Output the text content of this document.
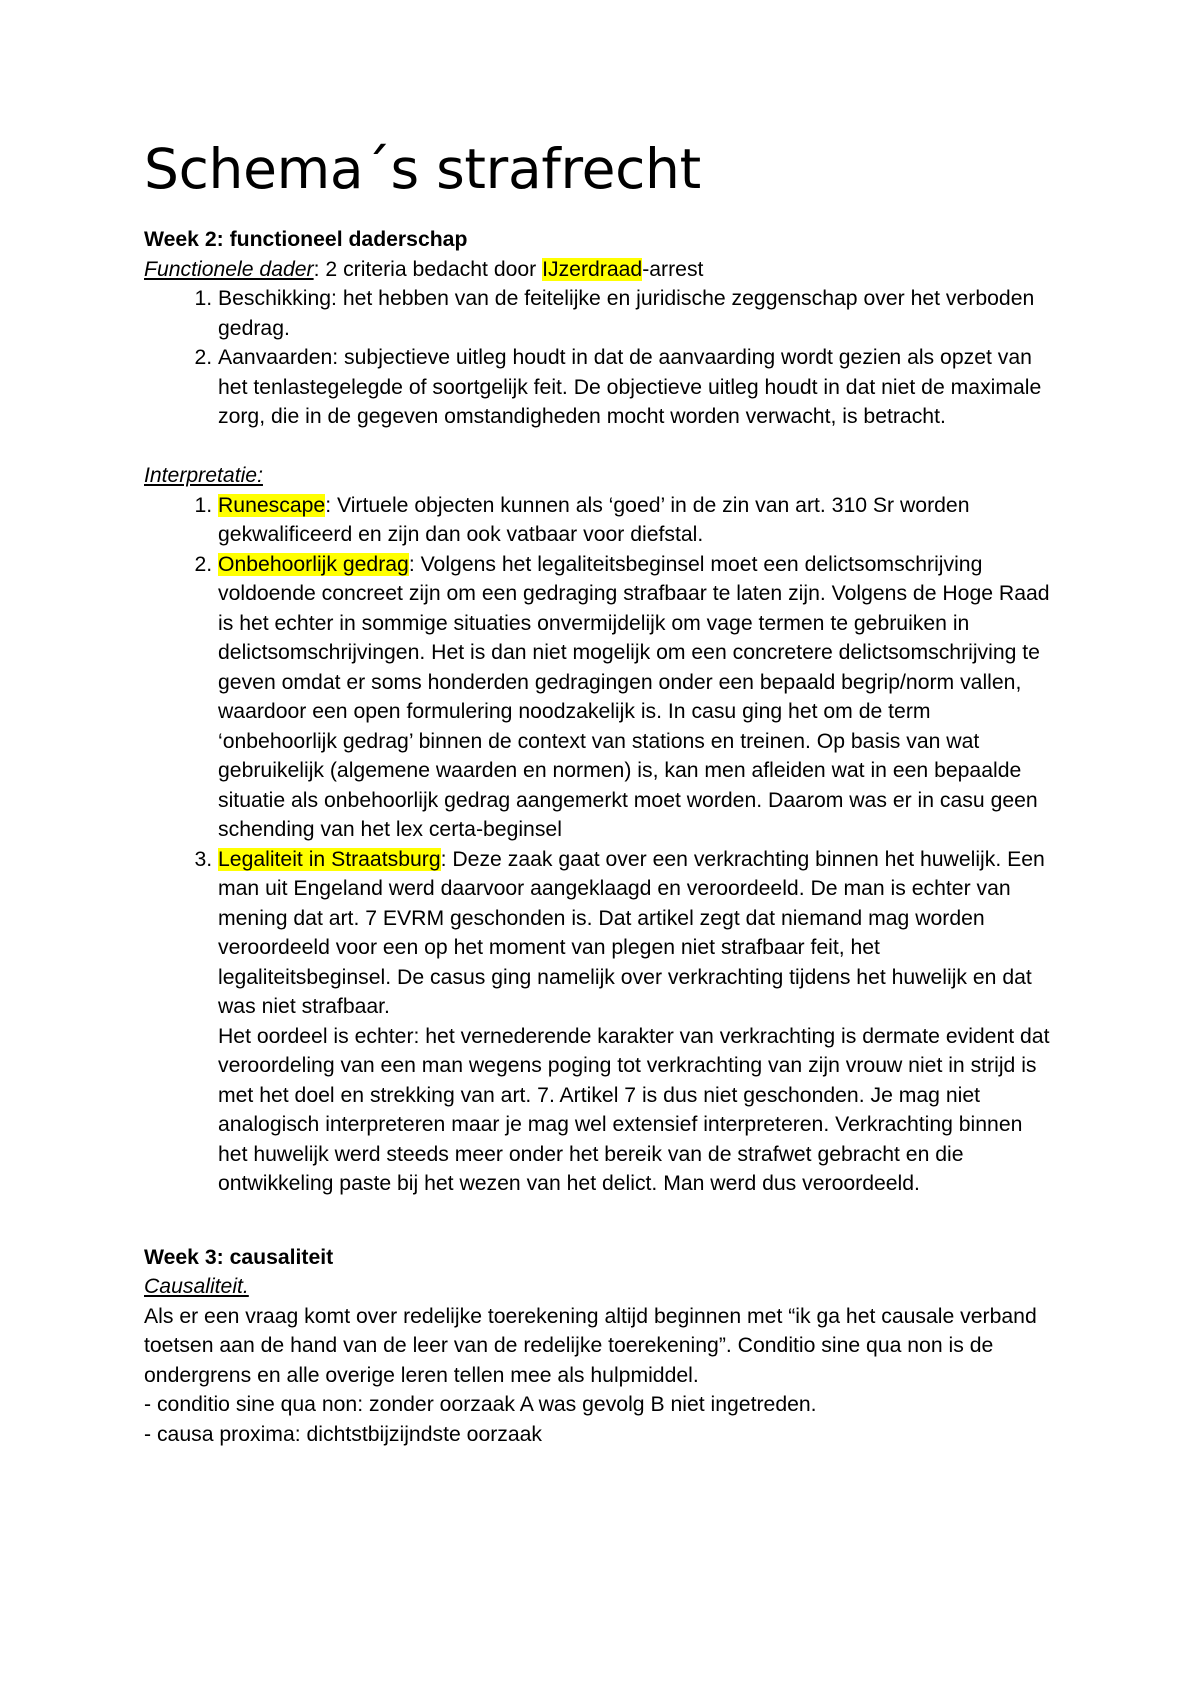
Schema´s strafrecht

Week 2: functioneel daderschap

Functionele dader: 2 criteria bedacht door IJzerdraad-arrest

1. Beschikking: het hebben van de feitelijke en juridische zeggenschap over het verboden gedrag.
2. Aanvaarden: subjectieve uitleg houdt in dat de aanvaarding wordt gezien als opzet van het tenlastegelegde of soortgelijk feit. De objectieve uitleg houdt in dat niet de maximale zorg, die in de gegeven omstandigheden mocht worden verwacht, is betracht.

Interpretatie:

1. Runescape: Virtuele objecten kunnen als ‘goed’ in de zin van art. 310 Sr worden gekwalificeerd en zijn dan ook vatbaar voor diefstal.
2. Onbehoorlijk gedrag: Volgens het legaliteitsbeginsel moet een delictsomschrijving voldoende concreet zijn om een gedraging strafbaar te laten zijn. Volgens de Hoge Raad is het echter in sommige situaties onvermijdelijk om vage termen te gebruiken in delictsomschrijvingen. Het is dan niet mogelijk om een concretere delictsomschrijving te geven omdat er soms honderden gedragingen onder een bepaald begrip/norm vallen, waardoor een open formulering noodzakelijk is. In casu ging het om de term ‘onbehoorlijk gedrag’ binnen de context van stations en treinen. Op basis van wat gebruikelijk (algemene waarden en normen) is, kan men afleiden wat in een bepaalde situatie als onbehoorlijk gedrag aangemerkt moet worden. Daarom was er in casu geen schending van het lex certa-beginsel
3. Legaliteit in Straatsburg: Deze zaak gaat over een verkrachting binnen het huwelijk. Een man uit Engeland werd daarvoor aangeklaagd en veroordeeld. De man is echter van mening dat art. 7 EVRM geschonden is. Dat artikel zegt dat niemand mag worden veroordeeld voor een op het moment van plegen niet strafbaar feit, het legaliteitsbeginsel. De casus ging namelijk over verkrachting tijdens het huwelijk en dat was niet strafbaar.
Het oordeel is echter: het vernederende karakter van verkrachting is dermate evident dat veroordeling van een man wegens poging tot verkrachting van zijn vrouw niet in strijd is met het doel en strekking van art. 7. Artikel 7 is dus niet geschonden. Je mag niet analogisch interpreteren maar je mag wel extensief interpreteren. Verkrachting binnen het huwelijk werd steeds meer onder het bereik van de strafwet gebracht en die ontwikkeling paste bij het wezen van het delict. Man werd dus veroordeeld.

Week 3: causaliteit

Causaliteit.

Als er een vraag komt over redelijke toerekening altijd beginnen met “ik ga het causale verband toetsen aan de hand van de leer van de redelijke toerekening”. Conditio sine qua non is de ondergrens en alle overige leren tellen mee als hulpmiddel.

- conditio sine qua non: zonder oorzaak A was gevolg B niet ingetreden.

- causa proxima: dichtstbijzijndste oorzaak
